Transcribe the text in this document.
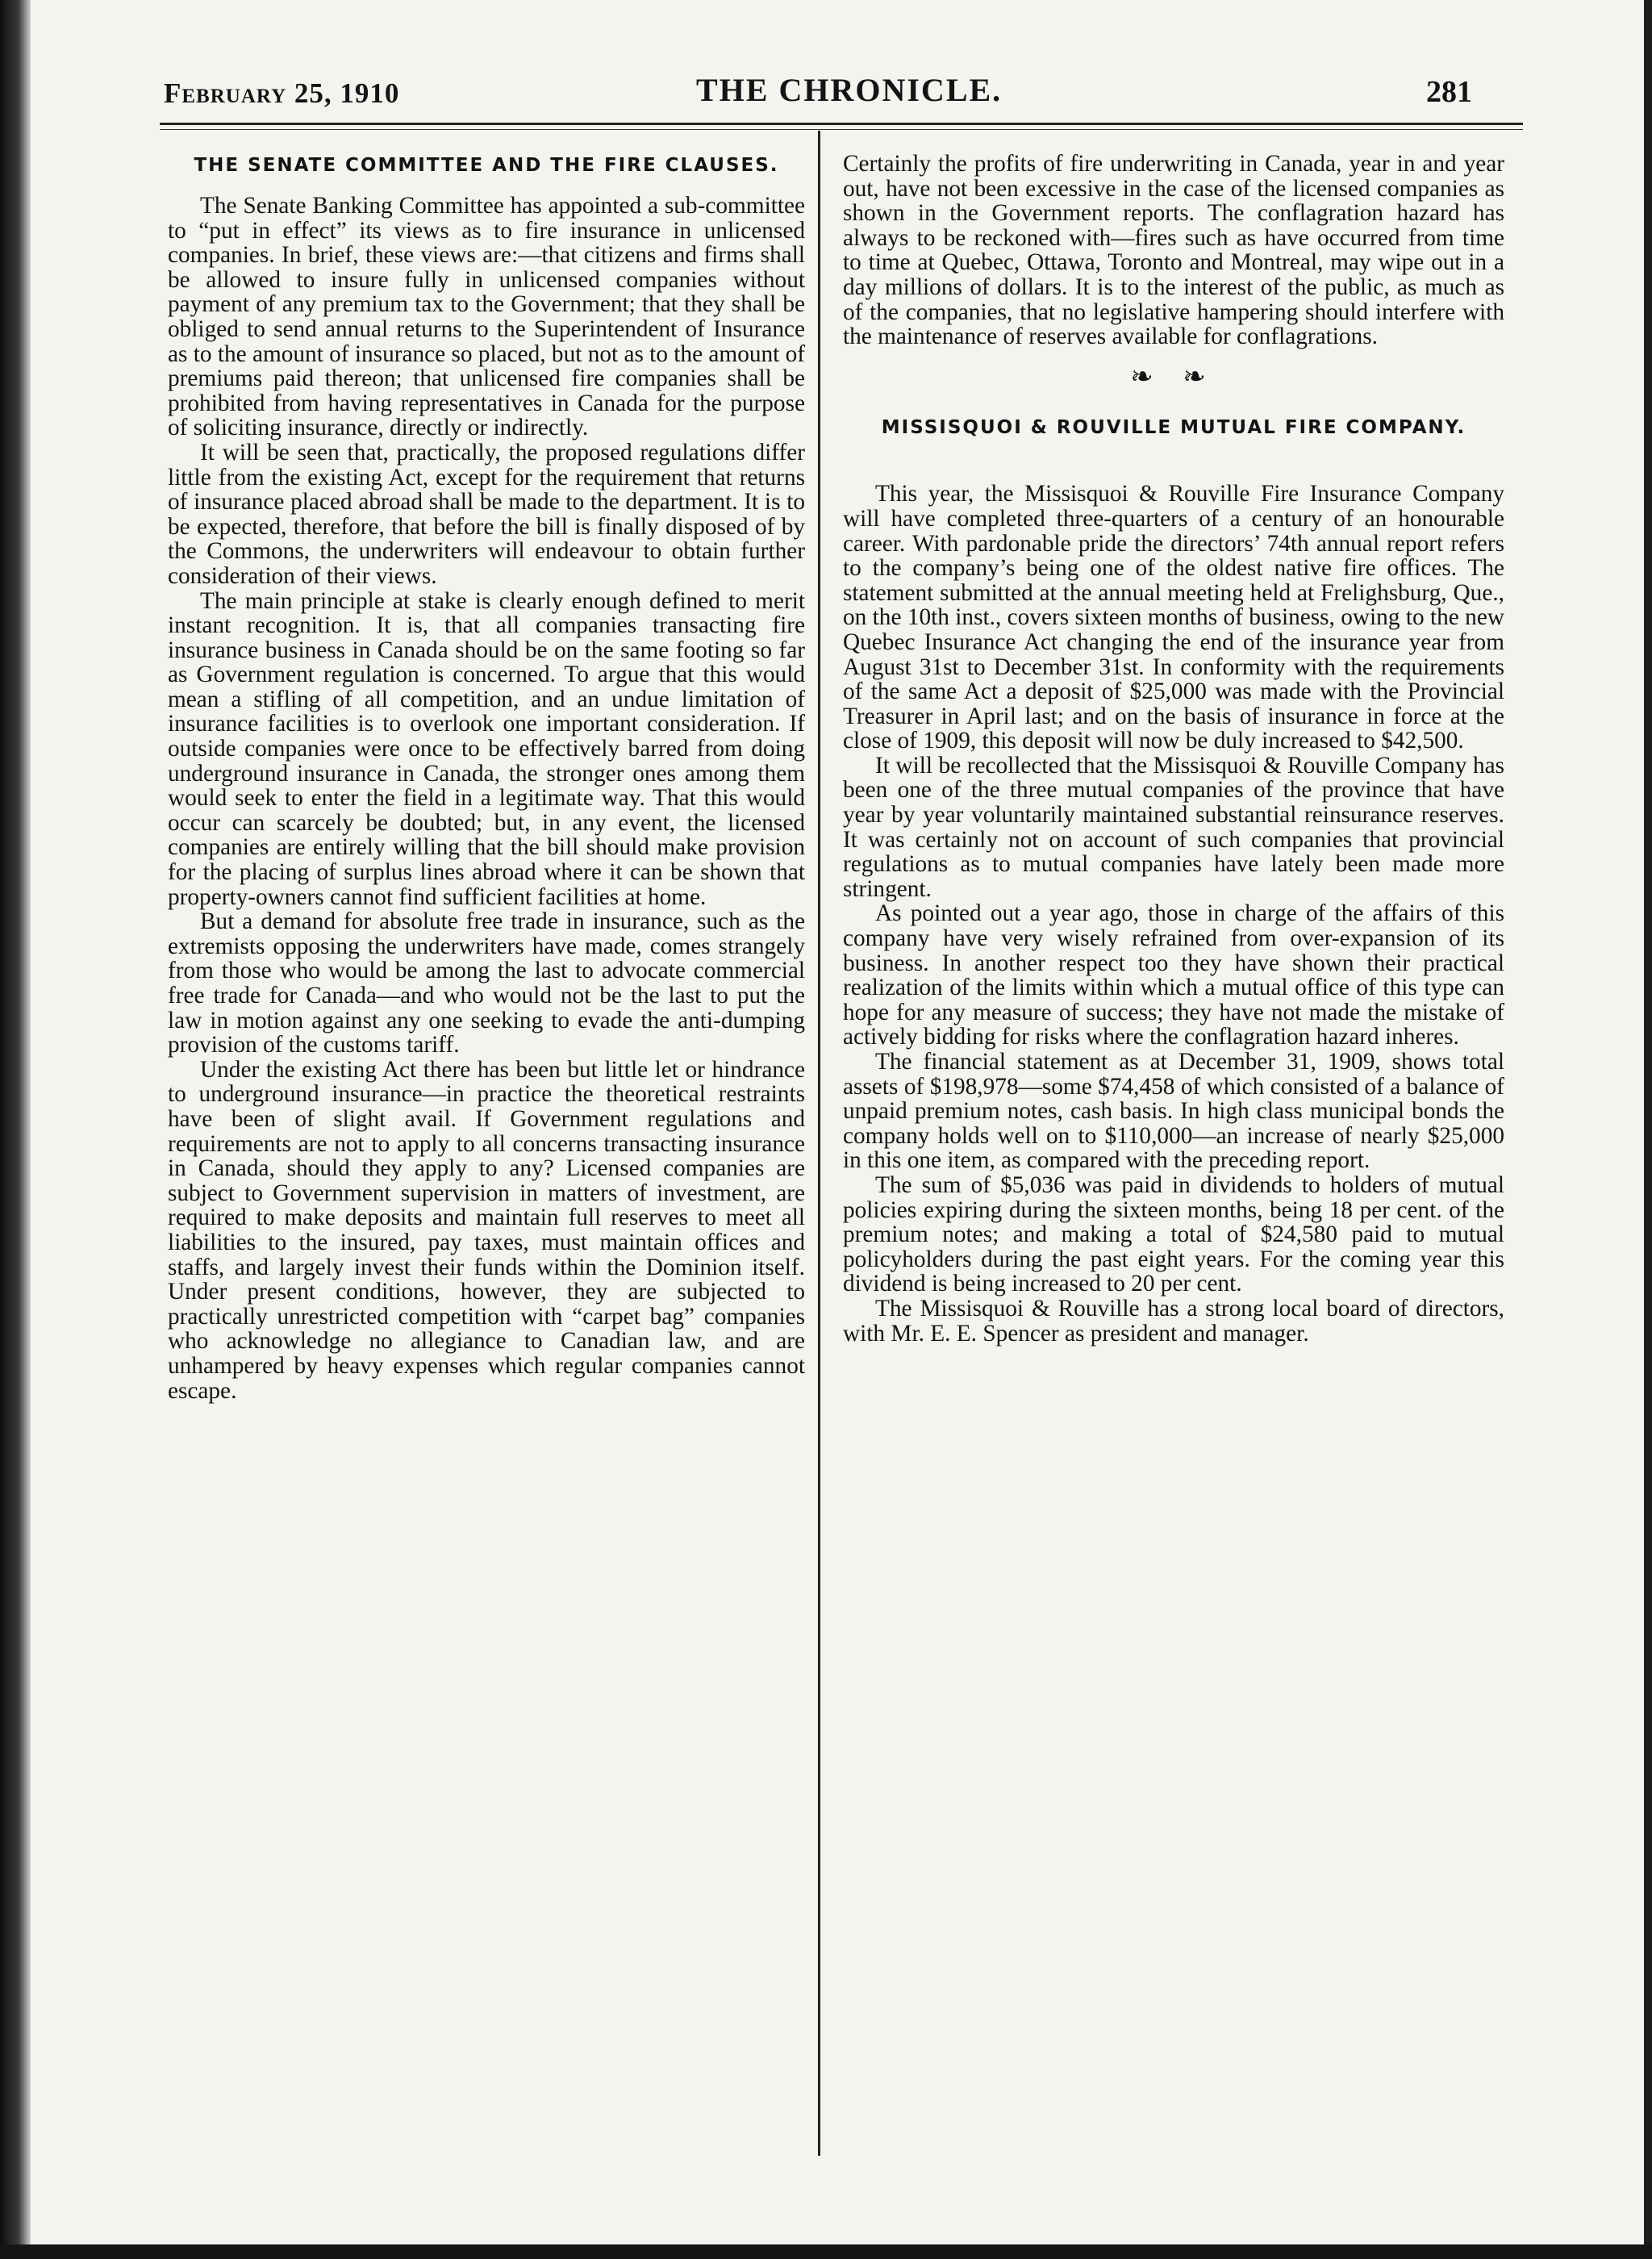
February 25, 1910	THE CHRONICLE.	281
THE SENATE COMMITTEE AND THE FIRE CLAUSES.

The Senate Banking Committee has appointed a sub-committee to “put in effect” its views as to fire insurance in unlicensed companies. In brief, these views are:—that citizens and firms shall be allowed to insure fully in unlicensed companies without payment of any premium tax to the Government; that they shall be obliged to send annual returns to the Superintendent of Insurance as to the amount of insurance so placed, but not as to the amount of premiums paid thereon; that unlicensed fire companies shall be prohibited from having representatives in Canada for the purpose of soliciting insurance, directly or indirectly.

It will be seen that, practically, the proposed regulations differ little from the existing Act, except for the requirement that returns of insurance placed abroad shall be made to the department. It is to be expected, therefore, that before the bill is finally disposed of by the Commons, the underwriters will endeavour to obtain further consideration of their views.

The main principle at stake is clearly enough defined to merit instant recognition. It is, that all companies transacting fire insurance business in Canada should be on the same footing so far as Government regulation is concerned. To argue that this would mean a stifling of all competition, and an undue limitation of insurance facilities is to overlook one important consideration. If outside companies were once to be effectively barred from doing underground insurance in Canada, the stronger ones among them would seek to enter the field in a legitimate way. That this would occur can scarcely be doubted; but, in any event, the licensed companies are entirely willing that the bill should make provision for the placing of surplus lines abroad where it can be shown that property-owners cannot find sufficient facilities at home.

But a demand for absolute free trade in insurance, such as the extremists opposing the underwriters have made, comes strangely from those who would be among the last to advocate commercial free trade for Canada—and who would not be the last to put the law in motion against any one seeking to evade the anti-dumping provision of the customs tariff.

Under the existing Act there has been but little let or hindrance to underground insurance—in practice the theoretical restraints have been of slight avail. If Government regulations and requirements are not to apply to all concerns transacting insurance in Canada, should they apply to any? Licensed companies are subject to Government supervision in matters of investment, are required to make deposits and maintain full reserves to meet all liabilities to the insured, pay taxes, must maintain offices and staffs, and largely invest their funds within the Dominion itself. Under present conditions, however, they are subjected to practically unrestricted competition with “carpet bag” companies who acknowledge no allegiance to Canadian law, and are unhampered by heavy expenses which regular companies cannot escape.

Certainly the profits of fire underwriting in Canada, year in and year out, have not been excessive in the case of the licensed companies as shown in the Government reports. The conflagration hazard has always to be reckoned with—fires such as have occurred from time to time at Quebec, Ottawa, Toronto and Montreal, may wipe out in a day millions of dollars. It is to the interest of the public, as much as of the companies, that no legislative hampering should interfere with the maintenance of reserves available for conflagrations.

❧ ❧
MISSISQUOI & ROUVILLE MUTUAL FIRE COMPANY.

This year, the Missisquoi & Rouville Fire Insurance Company will have completed three-quarters of a century of an honourable career. With pardonable pride the directors’ 74th annual report refers to the company’s being one of the oldest native fire offices. The statement submitted at the annual meeting held at Frelighsburg, Que., on the 10th inst., covers sixteen months of business, owing to the new Quebec Insurance Act changing the end of the insurance year from August 31st to December 31st. In conformity with the requirements of the same Act a deposit of $25,000 was made with the Provincial Treasurer in April last; and on the basis of insurance in force at the close of 1909, this deposit will now be duly increased to $42,500.

It will be recollected that the Missisquoi & Rouville Company has been one of the three mutual companies of the province that have year by year voluntarily maintained substantial reinsurance reserves. It was certainly not on account of such companies that provincial regulations as to mutual companies have lately been made more stringent.

As pointed out a year ago, those in charge of the affairs of this company have very wisely refrained from over-expansion of its business. In another respect too they have shown their practical realization of the limits within which a mutual office of this type can hope for any measure of success; they have not made the mistake of actively bidding for risks where the conflagration hazard inheres.

The financial statement as at December 31, 1909, shows total assets of $198,978—some $74,458 of which consisted of a balance of unpaid premium notes, cash basis. In high class municipal bonds the company holds well on to $110,000—an increase of nearly $25,000 in this one item, as compared with the preceding report.

The sum of $5,036 was paid in dividends to holders of mutual policies expiring during the sixteen months, being 18 per cent. of the premium notes; and making a total of $24,580 paid to mutual policyholders during the past eight years. For the coming year this dividend is being increased to 20 per cent.

The Missisquoi & Rouville has a strong local board of directors, with Mr. E. E. Spencer as president and manager.
